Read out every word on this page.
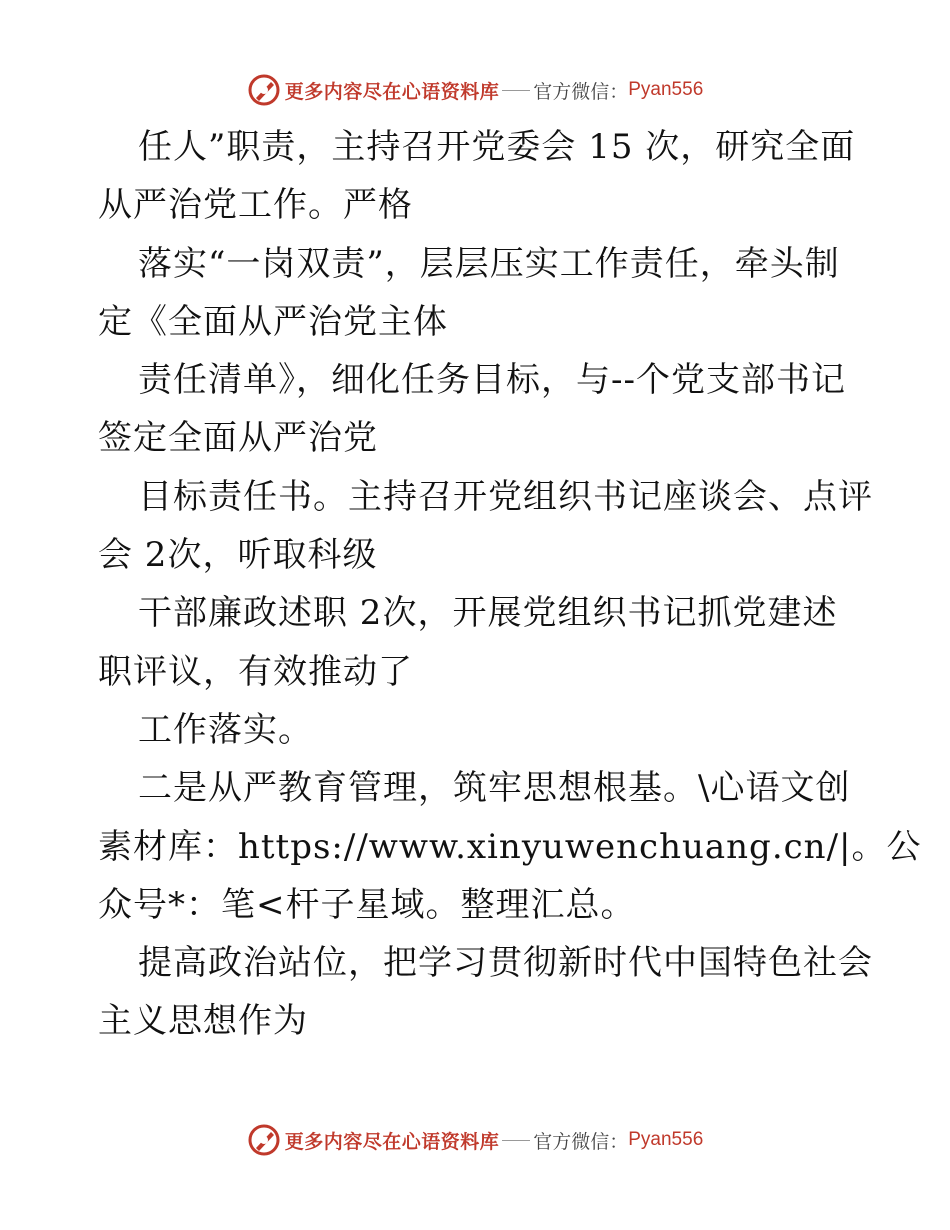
更多内容尽在心语资料库 官方微信： Pyan556
任人”职责，主持召开党委会 15 次，研究全面
从严治党工作。严格
落实“一岗双责”，层层压实工作责任，牵头制
定《全面从严治党主体
责任清单》，细化任务目标，与--个党支部书记
签定全面从严治党
目标责任书。主持召开党组织书记座谈会、点评
会 2次，听取科级
干部廉政述职 2次，开展党组织书记抓党建述
职评议，有效推动了
工作落实。
二是从严教育管理，筑牢思想根基。\心语文创
素材库：https://www.xinyuwenchuang.cn/|。公
众号*：笔<杆子星域。整理汇总。
提高政治站位，把学习贯彻新时代中国特色社会
主义思想作为
更多内容尽在心语资料库 官方微信： Pyan556
